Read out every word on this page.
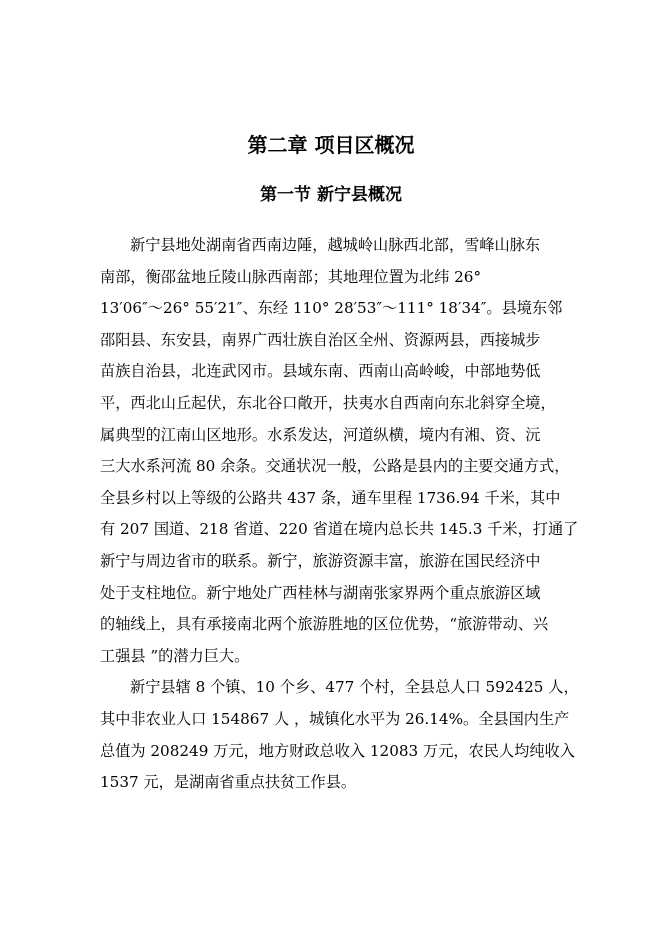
第二章 项目区概况
第一节 新宁县概况
新宁县地处湖南省西南边陲，越城岭山脉西北部，雪峰山脉东
南部，衡邵盆地丘陵山脉西南部；其地理位置为北纬 26°
13′06″～26° 55′21″、东经 110° 28′53″～111° 18′34″。县境东邻
邵阳县、东安县，南界广西壮族自治区全州、资源两县，西接城步
苗族自治县，北连武冈市。县域东南、西南山高岭峻，中部地势低
平，西北山丘起伏，东北谷口敞开，扶夷水自西南向东北斜穿全境，
属典型的江南山区地形。水系发达，河道纵横，境内有湘、资、沅
三大水系河流 80 余条。交通状况一般，公路是县内的主要交通方式，
全县乡村以上等级的公路共 437 条，通车里程 1736.94 千米，其中
有 207 国道、218 省道、220 省道在境内总长共 145.3 千米，打通了
新宁与周边省市的联系。新宁，旅游资源丰富，旅游在国民经济中
处于支柱地位。新宁地处广西桂林与湖南张家界两个重点旅游区域
的轴线上，具有承接南北两个旅游胜地的区位优势，“旅游带动、兴
工强县 ”的潜力巨大。
新宁县辖 8 个镇、10 个乡、477 个村，全县总人口 592425 人，
其中非农业人口 154867 人 ，城镇化水平为 26.14%。全县国内生产
总值为 208249 万元，地方财政总收入 12083 万元，农民人均纯收入
1537 元，是湖南省重点扶贫工作县。
